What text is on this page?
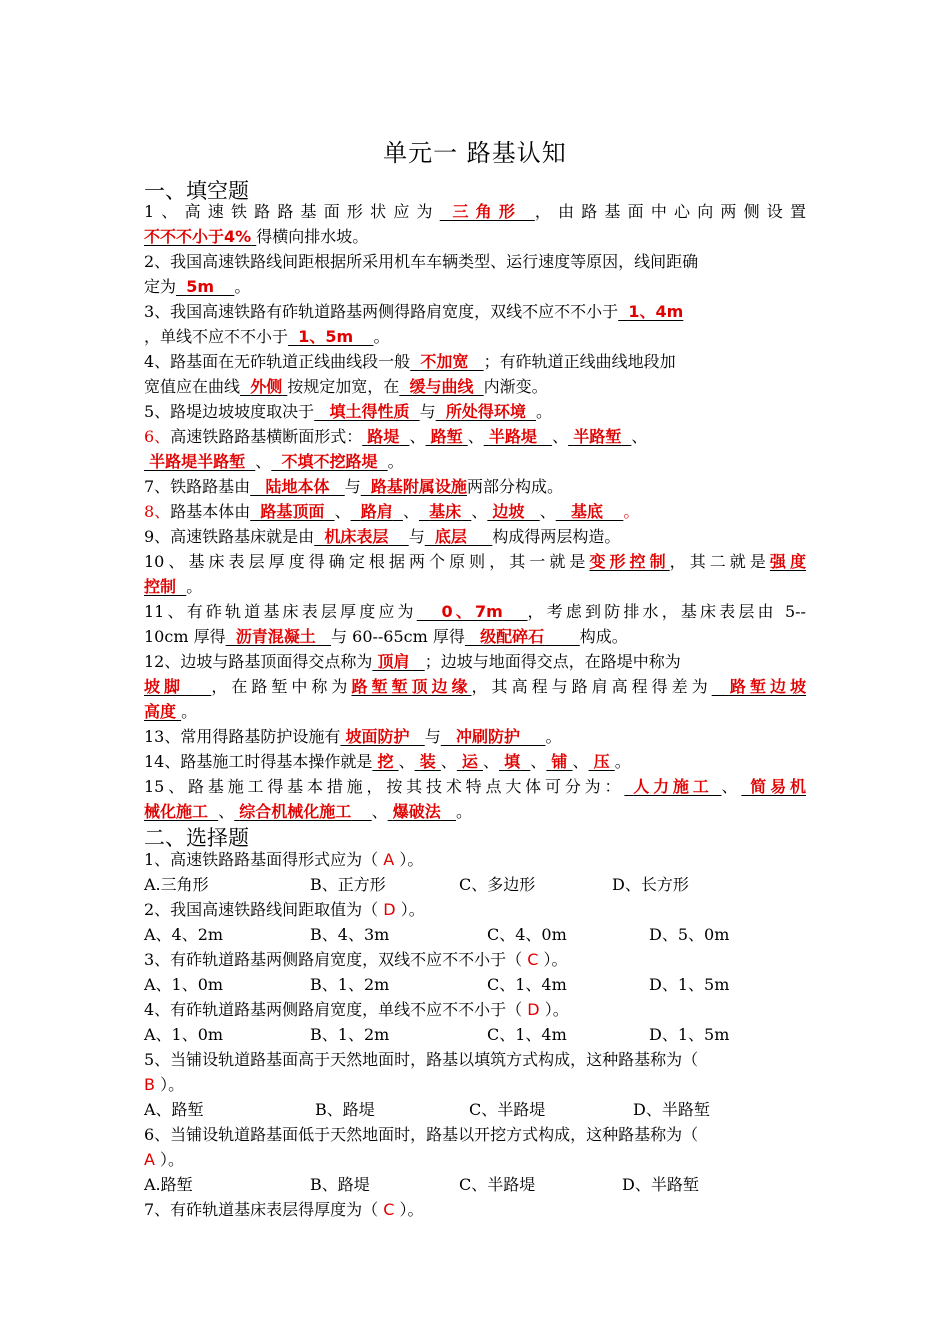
单元一 路基认知
一、填空题
1、高速铁路路基面形状应为 三角形 ，由路基面中心向两侧设置
不不不小于4% 得横向排水坡。
2、我国高速铁路线间距根据所采用机车车辆类型、运行速度等原因，线间距确
定为 5m 。
3、我国高速铁路有砟轨道路基两侧得路肩宽度，双线不应不不小于 1、4m
，单线不应不不小于 1、5m 。
4、路基面在无砟轨道正线曲线段一般 不加宽 ；有砟轨道正线曲线地段加
宽值应在曲线 外侧 按规定加宽，在 缓与曲线 内渐变。
5、路堤边坡坡度取决于 填土得性质 与 所处得环境 。
6、高速铁路路基横断面形式： 路堤 、 路堑 、 半路堤 、 半路堑 、
半路堤半路堑 、 不填不挖路堤 。
7、铁路路基由 陆地本体 与 路基附属设施两部分构成。
8、路基本体由 路基顶面 、 路肩 、 基床 、 边坡 、 基底 。
9、高速铁路基床就是由 机床表层 与 底层 构成得两层构造。
10、基床表层厚度得确定根据两个原则，其一就是变形控制，其二就是强度
控制 。
11、有砟轨道基床表层厚度应为 0、7m ，考虑到防排水，基床表层由 5--
10cm 厚得 沥青混凝土 与 60--65cm 厚得 级配碎石 构成。
12、边坡与路基顶面得交点称为 顶肩 ；边坡与地面得交点，在路堤中称为
坡脚 ，在路堑中称为路堑堑顶边缘，其高程与路肩高程得差为 路堑边坡
高度 。
13、常用得路基防护设施有 坡面防护 与 冲刷防护 。
14、路基施工时得基本操作就是 挖 、 装 、 运 、 填 、 铺 、 压 。
15、路基施工得基本措施，按其技术特点大体可分为： 人力施工 、 简易机
械化施工 、 综合机械化施工 、 爆破法 。
二、选择题
1、高速铁路路基面得形式应为（ A ）。
A.三角形	B、正方形	C、多边形	D、长方形
2、我国高速铁路线间距取值为（ D ）。
A、4、2m	B、4、3m	C、4、0m	D、5、0m
3、有砟轨道路基两侧路肩宽度，双线不应不不小于（ C ）。
A、1、0m	B、1、2m	C、1、4m	D、1、5m
4、有砟轨道路基两侧路肩宽度，单线不应不不小于（ D ）。
A、1、0m	B、1、2m	C、1、4m	D、1、5m
5、当铺设轨道路基面高于天然地面时，路基以填筑方式构成，这种路基称为（
B ）。
A、路堑	B、路堤	C、半路堤	D、半路堑
6、当铺设轨道路基面低于天然地面时，路基以开挖方式构成，这种路基称为（
A ）。
A.路堑	B、路堤	C、半路堤	D、半路堑
7、有砟轨道基床表层得厚度为（ C ）。
